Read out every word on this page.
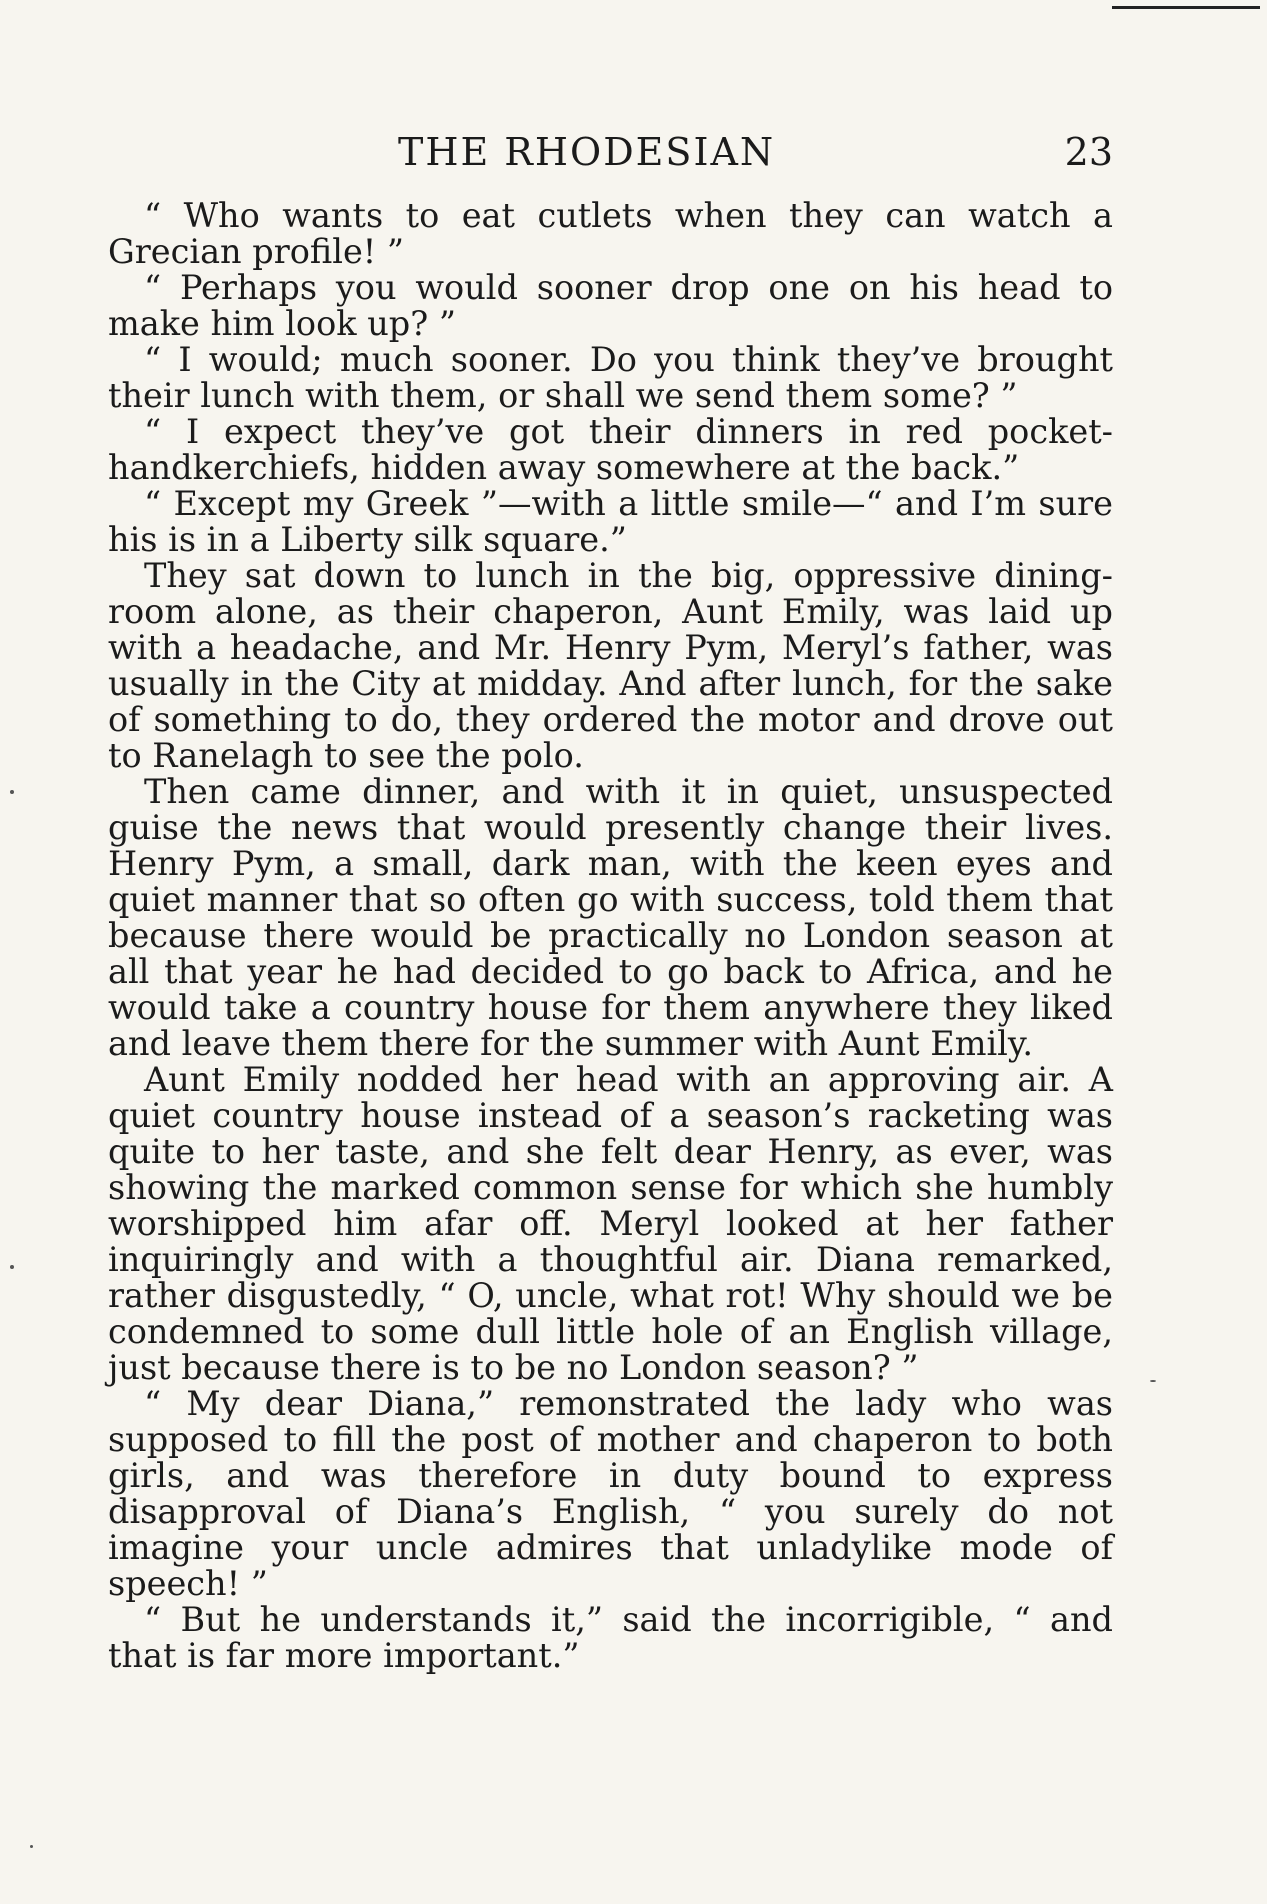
THE RHODESIAN	23

“ Who wants to eat cutlets when they can watch a Grecian profile! ”

“ Perhaps you would sooner drop one on his head to make him look up? ”

“ I would; much sooner. Do you think they’ve brought their lunch with them, or shall we send them some? ”

“ I expect they’ve got their dinners in red pocket-handkerchiefs, hidden away somewhere at the back.”

“ Except my Greek ”—with a little smile—“ and I’m sure his is in a Liberty silk square.”

They sat down to lunch in the big, oppressive dining-room alone, as their chaperon, Aunt Emily, was laid up with a headache, and Mr. Henry Pym, Meryl’s father, was usually in the City at midday. And after lunch, for the sake of something to do, they ordered the motor and drove out to Ranelagh to see the polo.

Then came dinner, and with it in quiet, unsuspected guise the news that would presently change their lives. Henry Pym, a small, dark man, with the keen eyes and quiet manner that so often go with success, told them that because there would be practically no London season at all that year he had decided to go back to Africa, and he would take a country house for them anywhere they liked and leave them there for the summer with Aunt Emily.

Aunt Emily nodded her head with an approving air. A quiet country house instead of a season’s racketing was quite to her taste, and she felt dear Henry, as ever, was showing the marked common sense for which she humbly worshipped him afar off. Meryl looked at her father inquiringly and with a thoughtful air. Diana remarked, rather disgustedly, “ O, uncle, what rot! Why should we be condemned to some dull little hole of an English village, just because there is to be no London season? ”

“ My dear Diana,” remonstrated the lady who was supposed to fill the post of mother and chaperon to both girls, and was therefore in duty bound to express disapproval of Diana’s English, “ you surely do not imagine your uncle admires that unladylike mode of speech! ”

“ But he understands it,” said the incorrigible, “ and that is far more important.”
